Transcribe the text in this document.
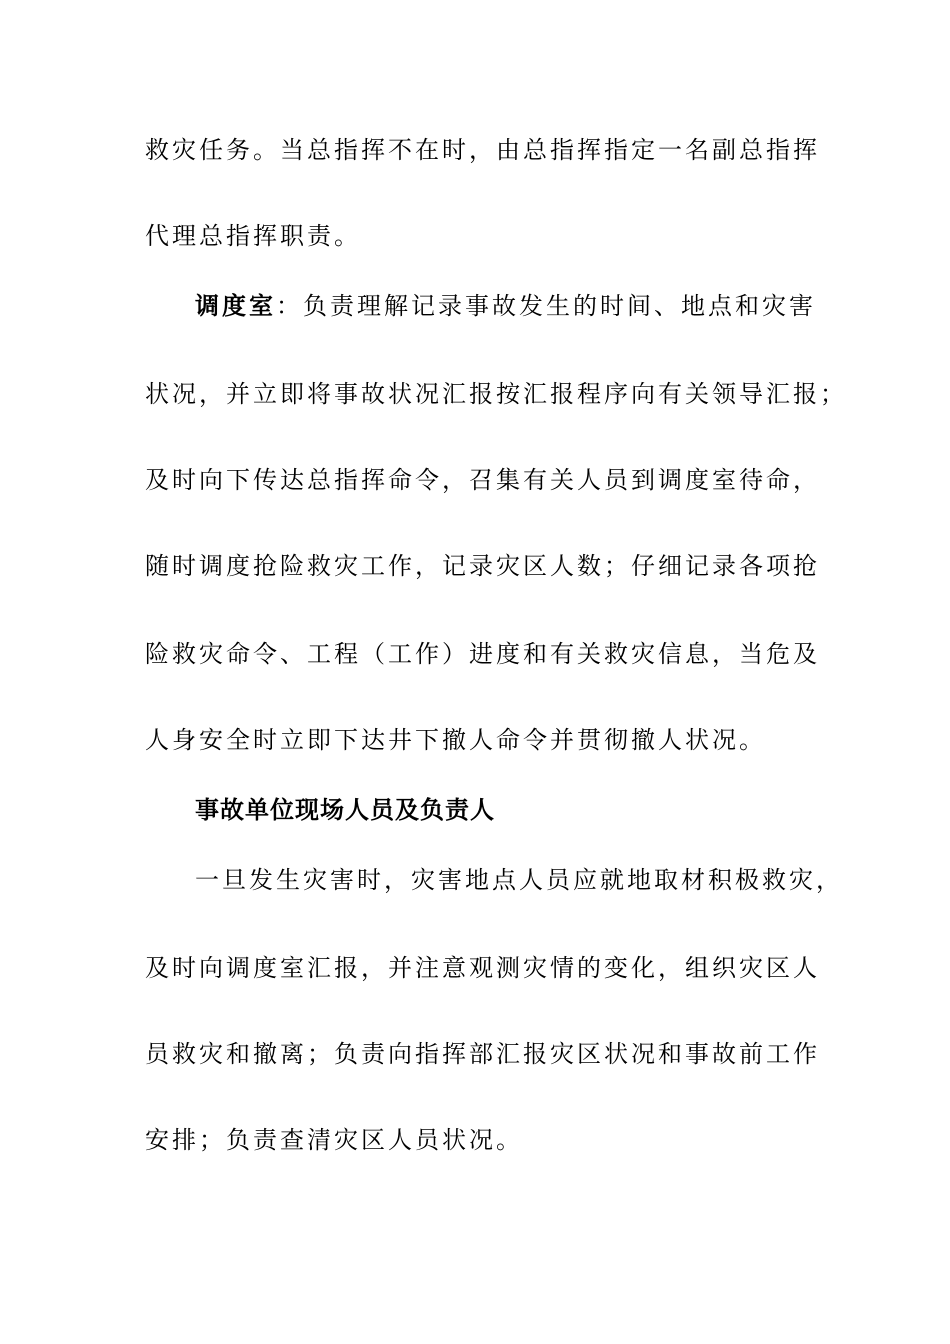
救灾任务。当总指挥不在时，由总指挥指定一名副总指挥
代理总指挥职责。
调度室：负责理解记录事故发生的时间、地点和灾害
状况，并立即将事故状况汇报按汇报程序向有关领导汇报；
及时向下传达总指挥命令，召集有关人员到调度室待命，
随时调度抢险救灾工作，记录灾区人数；仔细记录各项抢
险救灾命令、工程（工作）进度和有关救灾信息，当危及
人身安全时立即下达井下撤人命令并贯彻撤人状况。
事故单位现场人员及负责人
一旦发生灾害时，灾害地点人员应就地取材积极救灾，
及时向调度室汇报，并注意观测灾情的变化，组织灾区人
员救灾和撤离；负责向指挥部汇报灾区状况和事故前工作
安排；负责查清灾区人员状况。
